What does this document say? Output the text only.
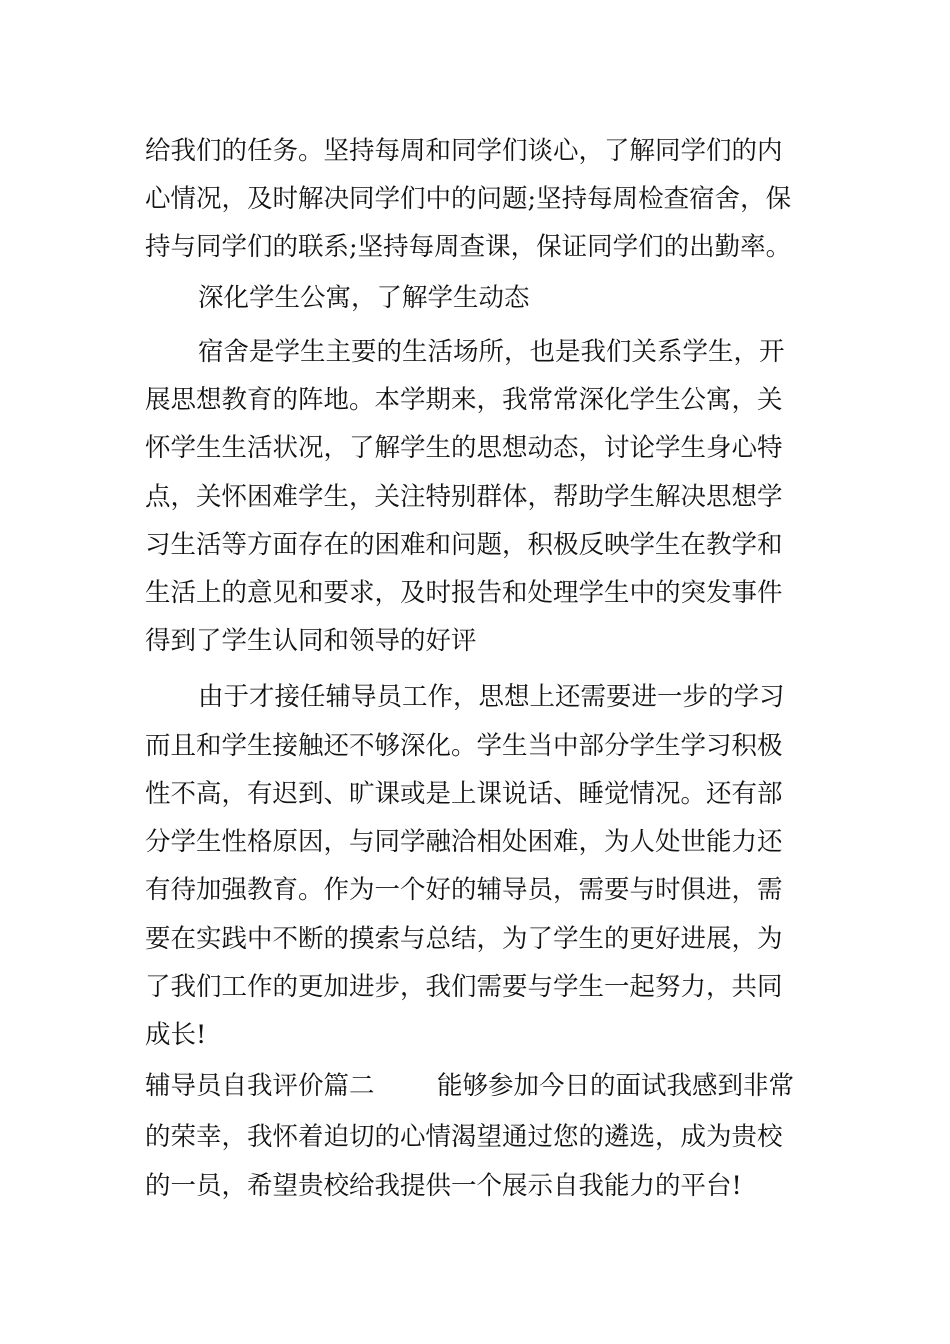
给我们的任务。坚持每周和同学们谈心，了解同学们的内
心情况，及时解决同学们中的问题;坚持每周检查宿舍，保
持与同学们的联系;坚持每周查课，保证同学们的出勤率。
深化学生公寓，了解学生动态
宿舍是学生主要的生活场所，也是我们关系学生，开
展思想教育的阵地。本学期来，我常常深化学生公寓，关
怀学生生活状况，了解学生的思想动态，讨论学生身心特
点，关怀困难学生，关注特别群体，帮助学生解决思想学
习生活等方面存在的困难和问题，积极反映学生在教学和
生活上的意见和要求，及时报告和处理学生中的突发事件
得到了学生认同和领导的好评
由于才接任辅导员工作，思想上还需要进一步的学习
而且和学生接触还不够深化。学生当中部分学生学习积极
性不高，有迟到、旷课或是上课说话、睡觉情况。还有部
分学生性格原因，与同学融洽相处困难，为人处世能力还
有待加强教育。作为一个好的辅导员，需要与时俱进，需
要在实践中不断的摸索与总结，为了学生的更好进展，为
了我们工作的更加进步，我们需要与学生一起努力，共同
成长!
辅导员自我评价篇二 能够参加今日的面试我感到非常
的荣幸，我怀着迫切的心情渴望通过您的遴选，成为贵校
的一员，希望贵校给我提供一个展示自我能力的平台!
